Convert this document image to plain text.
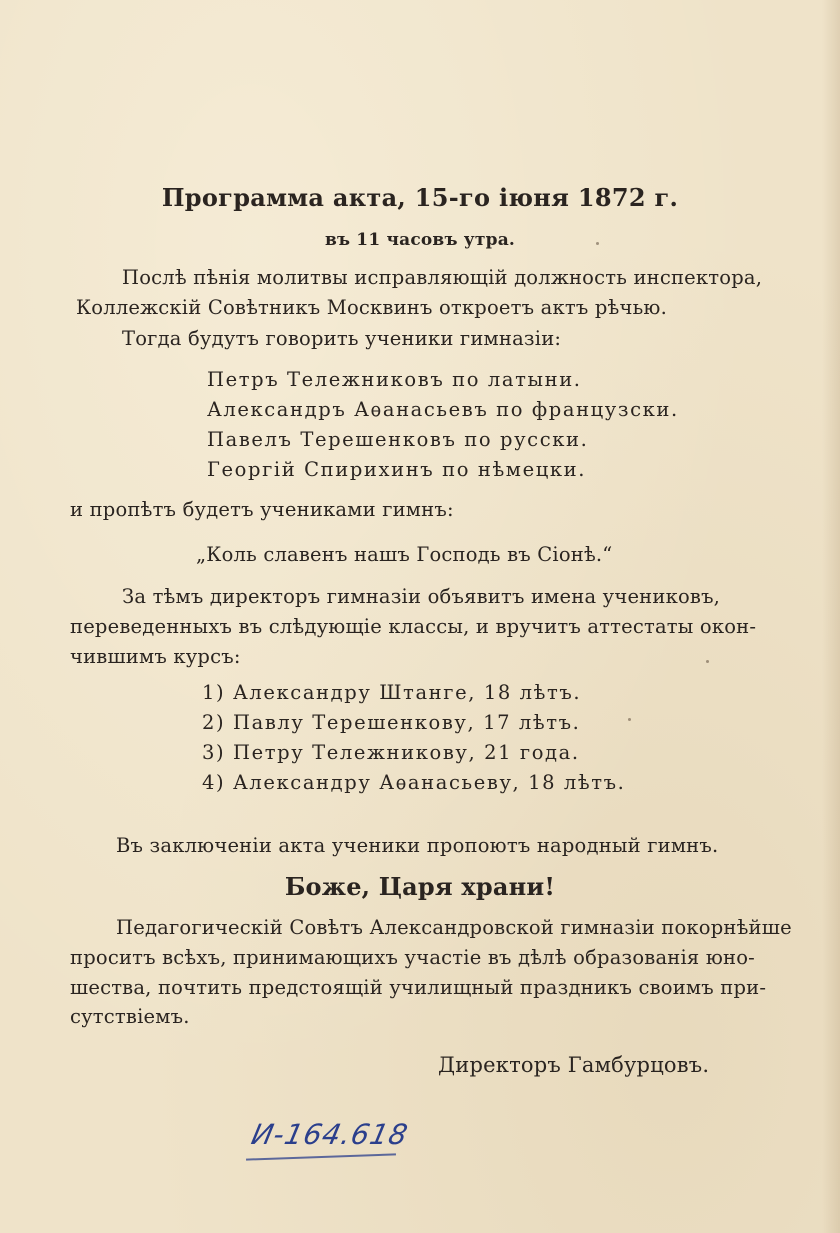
Программа акта, 15-го іюня 1872 г.
въ 11 часовъ утра.
Послѣ пѣнія молитвы исправляющій должность инспектора,
Коллежскій Совѣтникъ Москвинъ откроетъ актъ рѣчью.
Тогда будутъ говорить ученики гимназіи:
Петръ Тележниковъ по латыни.
Александръ Аѳанасьевъ по французски.
Павелъ Терешенковъ по русски.
Георгій Спирихинъ по нѣмецки.
и пропѣтъ будетъ учениками гимнъ:
„Коль славенъ нашъ Господь въ Сіонѣ.“
За тѣмъ директоръ гимназіи объявитъ имена учениковъ,
переведенныхъ въ слѣдующіе классы, и вручитъ аттестаты окон-
чившимъ курсъ:
1) Александру Штанге, 18 лѣтъ.
2) Павлу Терешенкову, 17 лѣтъ.
3) Петру Тележникову, 21 года.
4) Александру Аѳанасьеву, 18 лѣтъ.
Въ заключеніи акта ученики пропоютъ народный гимнъ.
Боже, Царя храни!
Педагогическій Совѣтъ Александровской гимназіи покорнѣйше
проситъ всѣхъ, принимающихъ участіе въ дѣлѣ образованія юно-
шества, почтить предстоящій училищный праздникъ своимъ при-
сутствіемъ.
Директоръ Гамбурцовъ.
И-164.618
